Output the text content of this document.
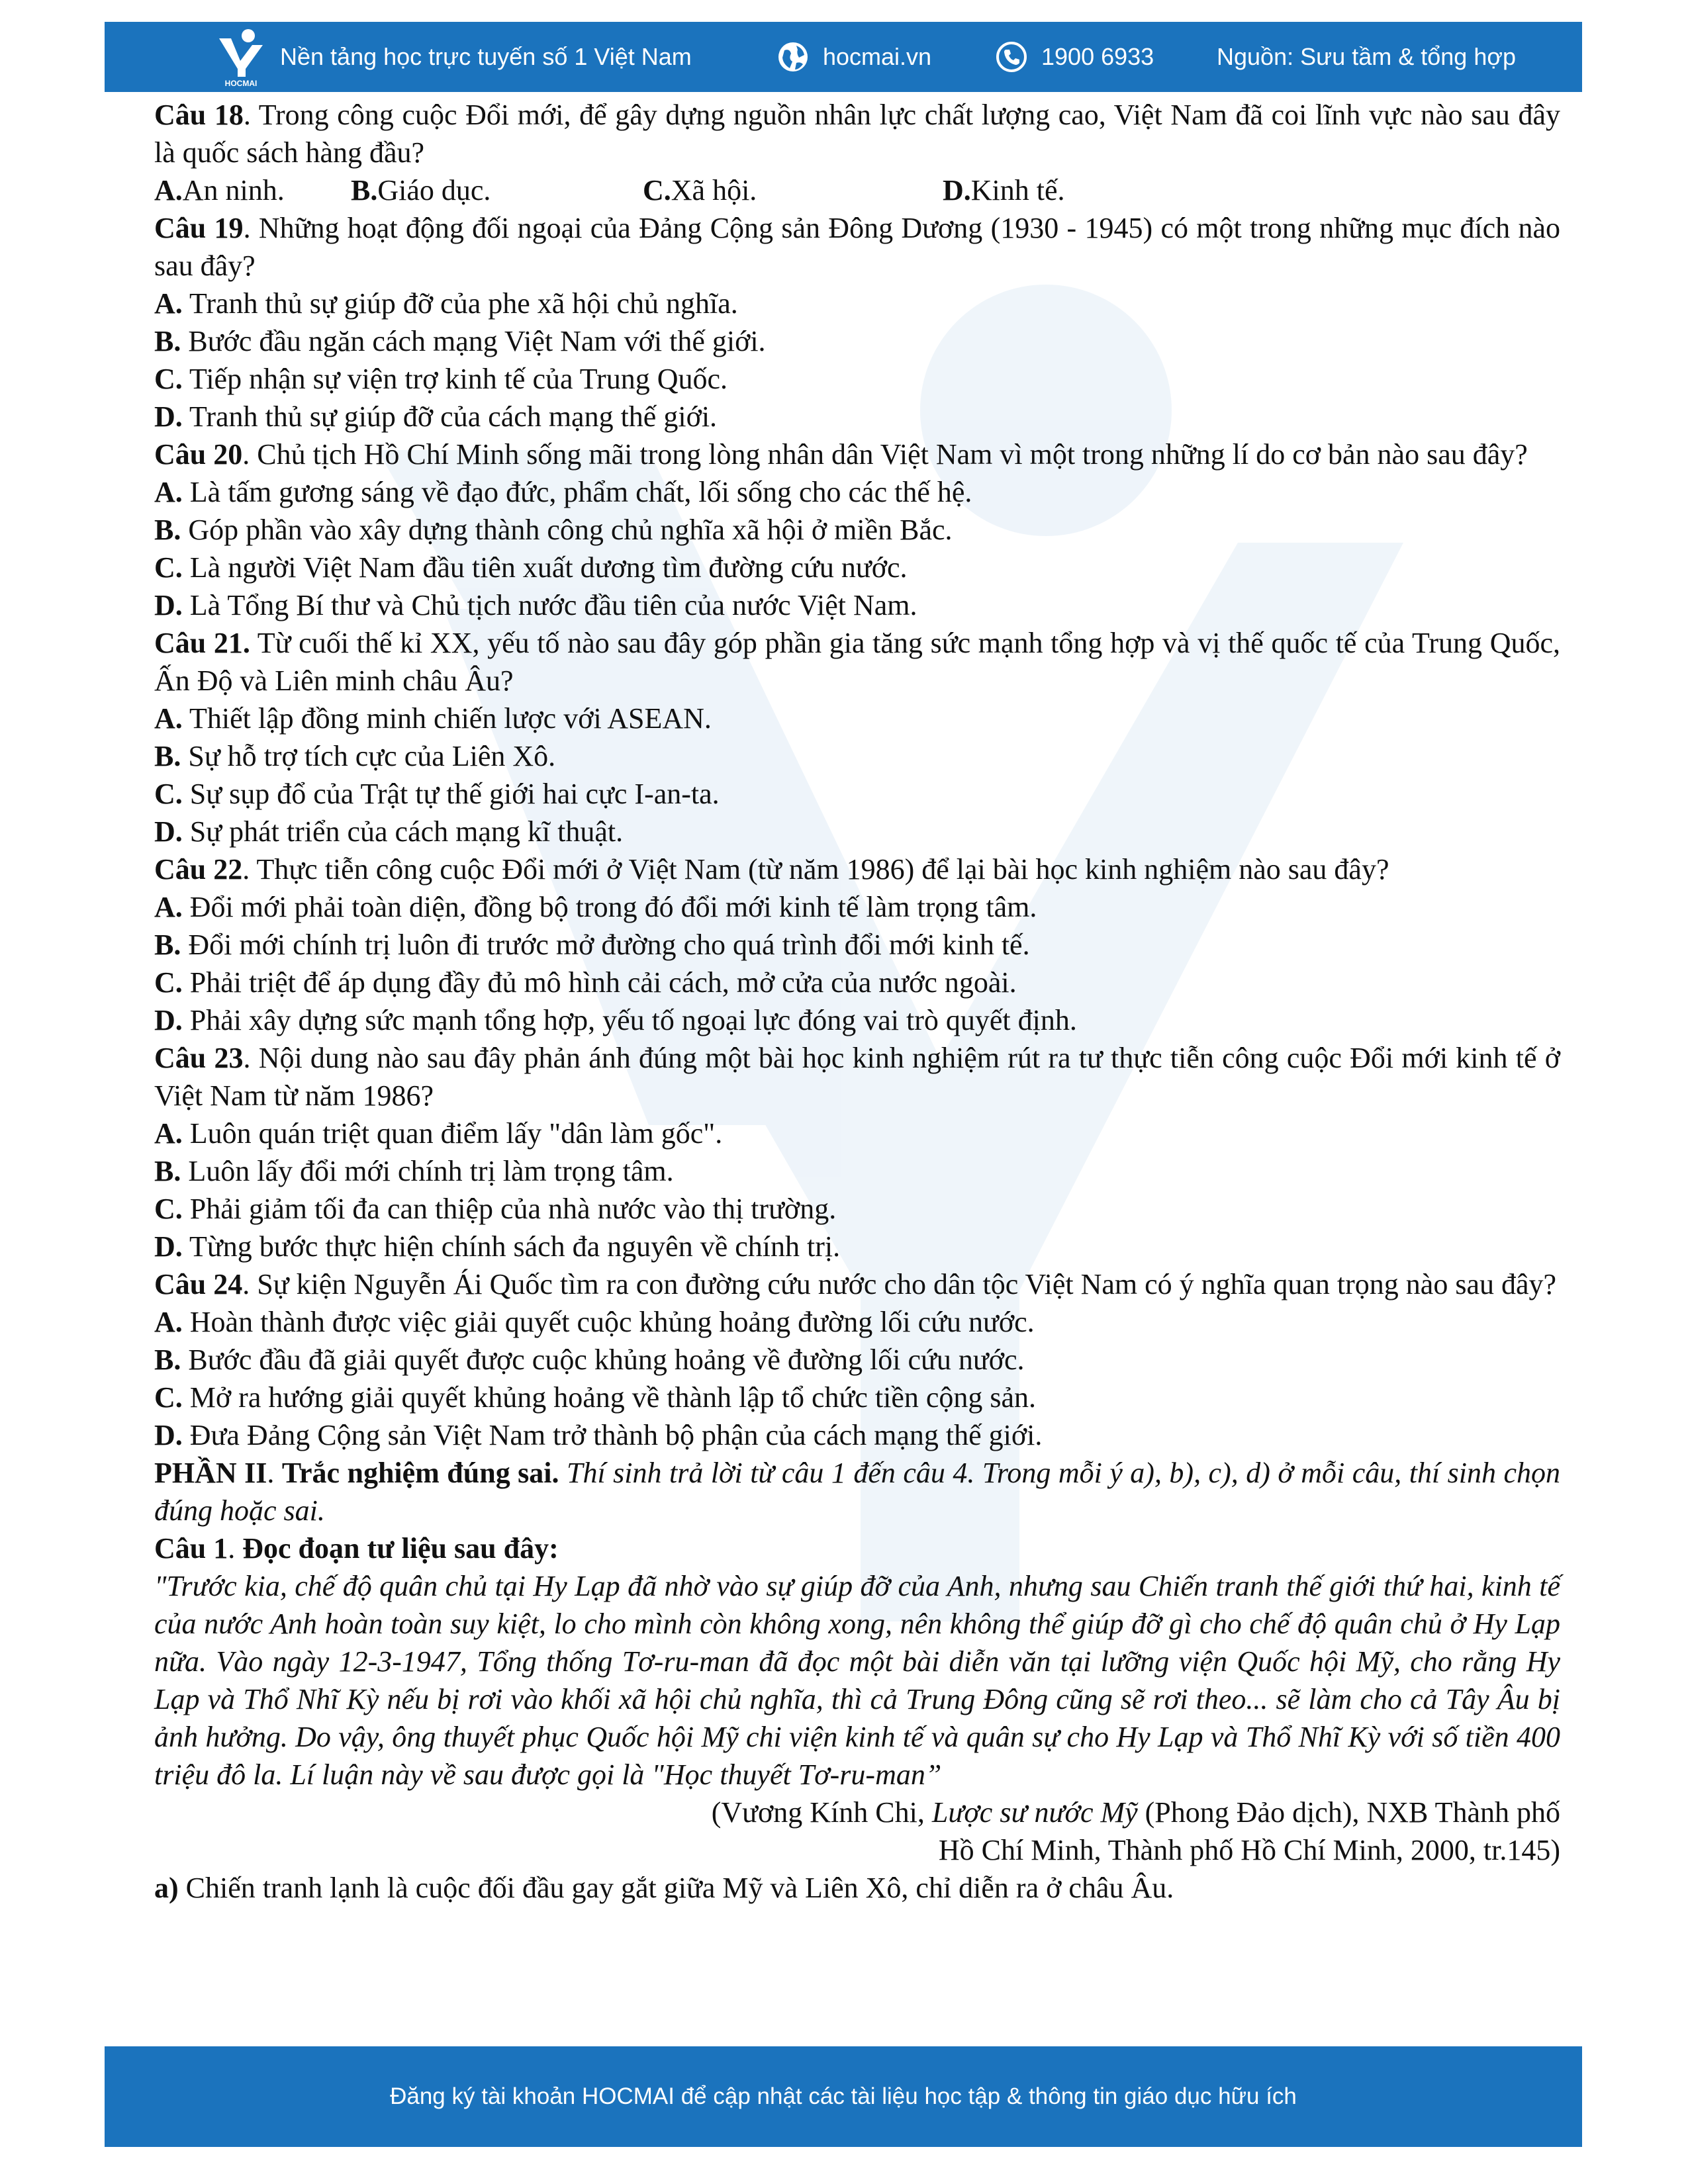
HOCMAI
Nền tảng học trực tuyến số 1 Việt Nam	hocmai.vn	1900 6933	Nguồn: Sưu tầm & tổng hợp

Câu 18. Trong công cuộc Đổi mới, để gây dựng nguồn nhân lực chất lượng cao, Việt Nam đã coi lĩnh vực nào sau đây là quốc sách hàng đầu?

A. An ninh. B. Giáo dục.	C. Xã hội.	D. Kinh tế.

Câu 19. Những hoạt động đối ngoại của Đảng Cộng sản Đông Dương (1930 - 1945) có một trong những mục đích nào sau đây?

A. Tranh thủ sự giúp đỡ của phe xã hội chủ nghĩa.

B. Bước đầu ngăn cách mạng Việt Nam với thế giới.

C. Tiếp nhận sự viện trợ kinh tế của Trung Quốc.

D. Tranh thủ sự giúp đỡ của cách mạng thế giới.

Câu 20. Chủ tịch Hồ Chí Minh sống mãi trong lòng nhân dân Việt Nam vì một trong những lí do cơ bản nào sau đây?

A. Là tấm gương sáng về đạo đức, phẩm chất, lối sống cho các thế hệ.

B. Góp phần vào xây dựng thành công chủ nghĩa xã hội ở miền Bắc.

C. Là người Việt Nam đầu tiên xuất dương tìm đường cứu nước.

D. Là Tổng Bí thư và Chủ tịch nước đầu tiên của nước Việt Nam.

Câu 21. Từ cuối thế kỉ XX, yếu tố nào sau đây góp phần gia tăng sức mạnh tổng hợp và vị thế quốc tế của Trung Quốc, Ấn Độ và Liên minh châu Âu?

A. Thiết lập đồng minh chiến lược với ASEAN.

B. Sự hỗ trợ tích cực của Liên Xô.

C. Sự sụp đổ của Trật tự thế giới hai cực I-an-ta.

D. Sự phát triển của cách mạng kĩ thuật.

Câu 22. Thực tiễn công cuộc Đổi mới ở Việt Nam (từ năm 1986) để lại bài học kinh nghiệm nào sau đây?

A. Đổi mới phải toàn diện, đồng bộ trong đó đổi mới kinh tế làm trọng tâm.

B. Đổi mới chính trị luôn đi trước mở đường cho quá trình đổi mới kinh tế.

C. Phải triệt để áp dụng đầy đủ mô hình cải cách, mở cửa của nước ngoài.

D. Phải xây dựng sức mạnh tổng hợp, yếu tố ngoại lực đóng vai trò quyết định.

Câu 23. Nội dung nào sau đây phản ánh đúng một bài học kinh nghiệm rút ra tư thực tiễn công cuộc Đổi mới kinh tế ở Việt Nam từ năm 1986?

A. Luôn quán triệt quan điểm lấy "dân làm gốc".

B. Luôn lấy đổi mới chính trị làm trọng tâm.

C. Phải giảm tối đa can thiệp của nhà nước vào thị trường.

D. Từng bước thực hiện chính sách đa nguyên về chính trị.

Câu 24. Sự kiện Nguyễn Ái Quốc tìm ra con đường cứu nước cho dân tộc Việt Nam có ý nghĩa quan trọng nào sau đây?

A. Hoàn thành được việc giải quyết cuộc khủng hoảng đường lối cứu nước.

B. Bước đầu đã giải quyết được cuộc khủng hoảng về đường lối cứu nước.

C. Mở ra hướng giải quyết khủng hoảng về thành lập tổ chức tiền cộng sản.

D. Đưa Đảng Cộng sản Việt Nam trở thành bộ phận của cách mạng thế giới.

PHẦN II. Trắc nghiệm đúng sai. Thí sinh trả lời từ câu 1 đến câu 4. Trong mỗi ý a), b), c), d) ở mỗi câu, thí sinh chọn đúng hoặc sai.

Câu 1. Đọc đoạn tư liệu sau đây:

"Trước kia, chế độ quân chủ tại Hy Lạp đã nhờ vào sự giúp đỡ của Anh, nhưng sau Chiến tranh thế giới thứ hai, kinh tế của nước Anh hoàn toàn suy kiệt, lo cho mình còn không xong, nên không thể giúp đỡ gì cho chế độ quân chủ ở Hy Lạp nữa. Vào ngày 12-3-1947, Tổng thống Tơ-ru-man đã đọc một bài diễn văn tại lưỡng viện Quốc hội Mỹ, cho rằng Hy Lạp và Thổ Nhĩ Kỳ nếu bị rơi vào khối xã hội chủ nghĩa, thì cả Trung Đông cũng sẽ rơi theo... sẽ làm cho cả Tây Âu bị ảnh hưởng. Do vậy, ông thuyết phục Quốc hội Mỹ chi viện kinh tế và quân sự cho Hy Lạp và Thổ Nhĩ Kỳ với số tiền 400 triệu đô la. Lí luận này về sau được gọi là "Học thuyết Tơ-ru-man”

(Vương Kính Chi, Lược sư nước Mỹ (Phong Đảo dịch), NXB Thành phố

Hồ Chí Minh, Thành phố Hồ Chí Minh, 2000, tr.145)

a) Chiến tranh lạnh là cuộc đối đầu gay gắt giữa Mỹ và Liên Xô, chỉ diễn ra ở châu Âu.

Đăng ký tài khoản HOCMAI để cập nhật các tài liệu học tập & thông tin giáo dục hữu ích
